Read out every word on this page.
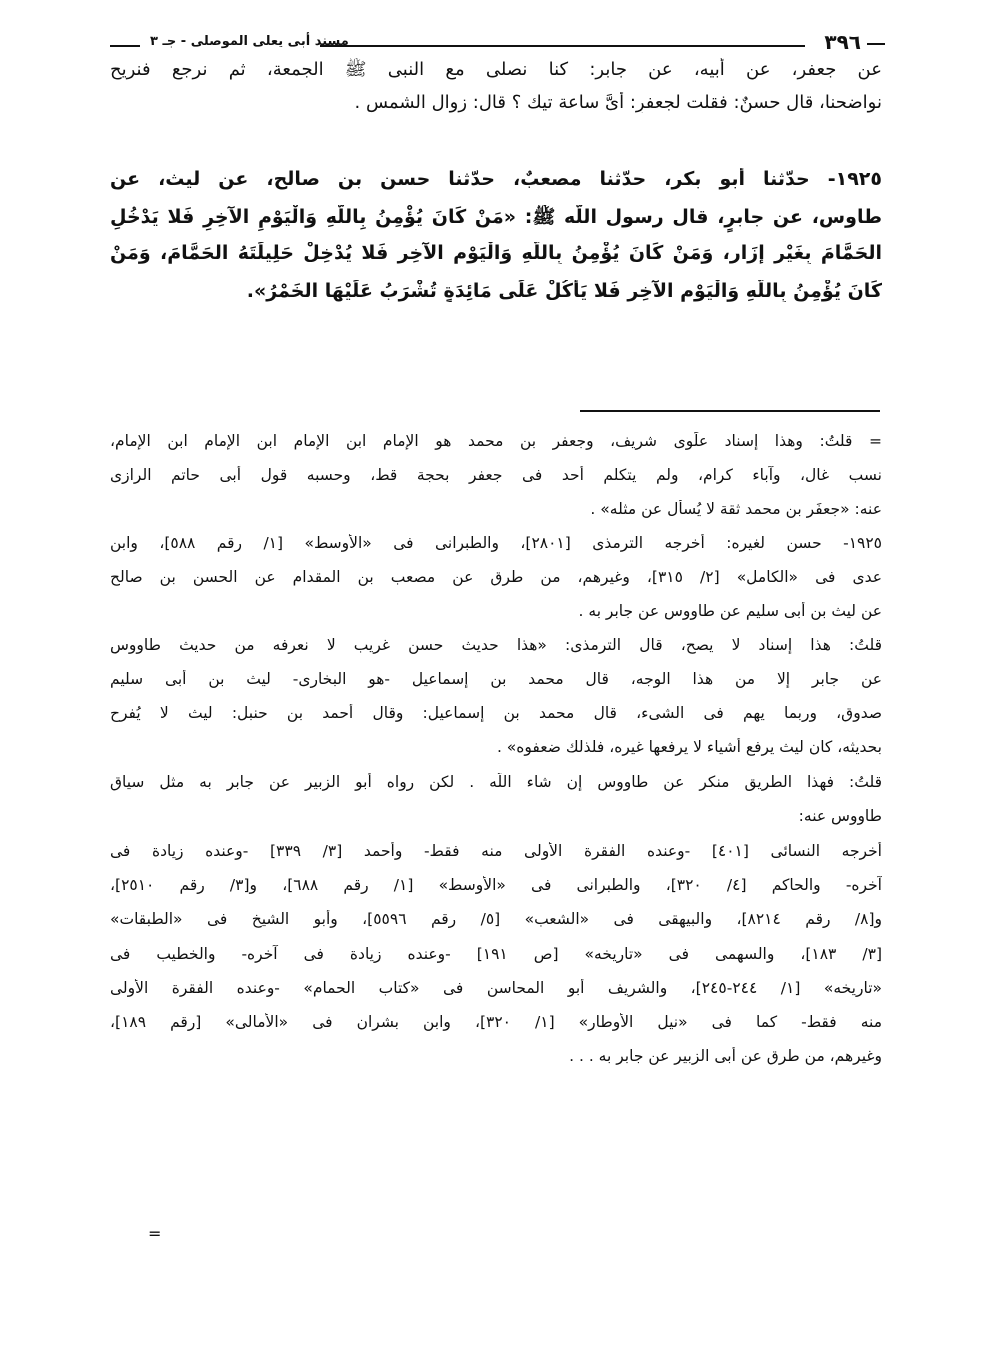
٣٩٦
مسند أبى يعلى الموصلى - جـ ٣
عن جعفر، عن أبيه، عن جابر: كنا نصلى مع النبى ﷺ الجمعة، ثم نرجع فنريح
نواضحنا، قال حسنٌ: فقلت لجعفرٍ: أىَّ ساعة تيك ؟ قال: زوال الشمس .
١٩٢٥- حدّثنا أبو بكرٍ، حدّثنا مصعبٌ، حدّثنا حسن بن صالحٍ، عن ليث، عن
طاوس، عن جابرٍ، قال رسول اللّه ﷺ: «مَنْ كَانَ يُؤْمِنُ بِاللَّهِ وَالْيَوْمِ الآخِرِ فَلا يَدْخُلِ
الحَمَّامَ بِغَيْرِ إِزَارٍ، وَمَنْ كَانَ يُؤْمِنُ بِاللَّهِ وَالْيَوْمِ الآخِرِ فَلا يُدْخِلْ حَلِيلَتَهُ الحَمَّامَ، وَمَنْ
كَانَ يُؤْمِنُ بِاللَّهِ وَالْيَوْمِ الآخِرِ فَلا يَأْكُلْ عَلَى مَائِدَةٍ تُشْرَبُ عَلَيْهَا الخَمْرُ».
= قلتُ: وهذا إسناد علَوى شريف، وجعفر بن محمد هو الإمام ابن الإمام ابن الإمام ابن الإمام،
نسب غال، وآباء كرام، ولم يتكلم أحد فى جعفر بحجة قط، وحسبه قول أبى حاتم الرازى
عنه: «جعفَر بن محمد ثقة لا يُسأل عن مثله» .
١٩٢٥- حسن لغيره: أخرجه الترمذى [٢٨٠١]، والطبرانى فى «الأوسط» [١/ رقم ٥٨٨]، وابن
عدى فى «الكامل» [٢/ ٣١٥]، وغيرهم، من طرق عن مصعب بن المقدام عن الحسن بن صالح
عن ليث بن أبى سليم عن طاووس عن جابر به .
قلتُ: هذا إسناد لا يصح، قال الترمذى: «هذا حديث حسن غريب لا نعرفه من حديث طاووس
عن جابر إلا من هذا الوجه، قال محمد بن إسماعيل -هو البخارى- ليث بن أبى سليم
صدوق، وربما يهم فى الشىء، قال محمد بن إسماعيل: وقال أحمد بن حنبل: ليث لا يُفرح
بحديثه، كان ليث يرفع أشياء لا يرفعها غيره، فلذلك ضعفوه» .
قلتُ: فهذا الطريق منكر عن طاووس إن شاء اللّه . لكن رواه أبو الزبير عن جابر به مثل سياق
طاووس عنه:
أخرجه النسائى [٤٠١] -وعنده الفقرة الأولى منه فقط- وأحمد [٣/ ٣٣٩] -وعنده زيادة فى
آخره- والحاكم [٤/ ٣٢٠]، والطبرانى فى «الأوسط» [١/ رقم ٦٨٨]، و[٣/ رقم ٢٥١٠]،
و[٨/ رقم ٨٢١٤]، والبيهقى فى «الشعب» [٥/ رقم ٥٥٩٦]، وأبو الشيخ فى «الطبقات»
[٣/ ١٨٣]، والسهمى فى «تاريخه» [ص ١٩١] -وعنده زيادة فى آخره- والخطيب فى
«تاريخه» [١/ ٢٤٤-٢٤٥]، والشريف أبو المحاسن فى «كتاب الحمام» -وعنده الفقرة الأولى
منه فقط- كما فى «نيل الأوطار» [١/ ٣٢٠]، وابن بشران فى «الأمالى» [رقم ١٨٩]،
وغيرهم، من طرق عن أبى الزبير عن جابر به . . .
=
